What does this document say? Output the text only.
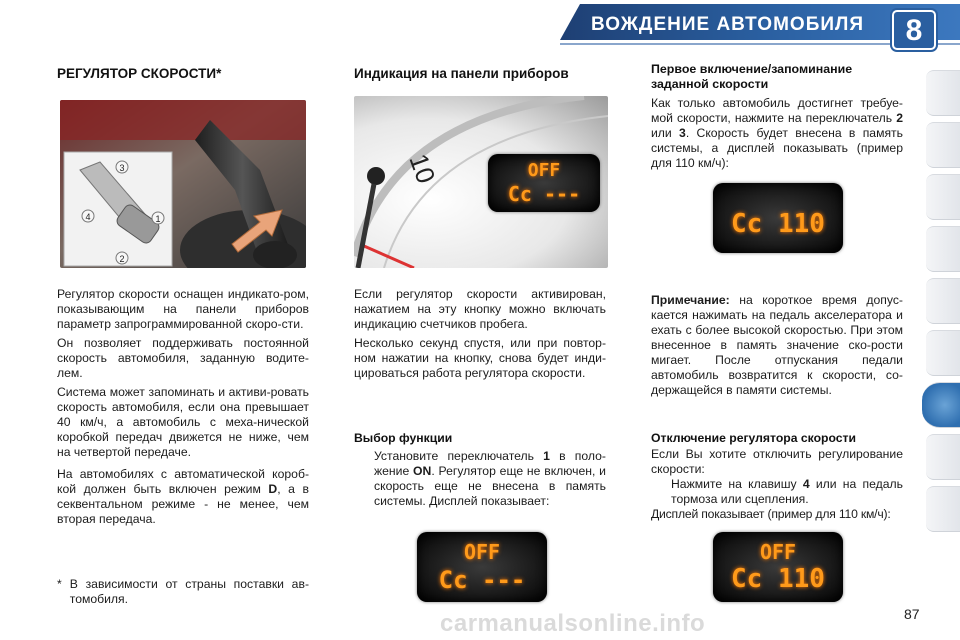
ВОЖДЕНИЕ АВТОМОБИЛЯ	8
РЕГУЛЯТОР СКОРОСТИ*
3
4	1
2

Регулятор скорости оснащен индикато-ром, показывающим на панели приборов параметр запрограммированной скоро-сти.

Он позволяет поддерживать постоянной скорость автомобиля, заданную водите-лем.

Система может запоминать и активи-ровать скорость автомобиля, если она превышает 40 км/ч, а автомобиль с меха-нической коробкой передач движется не ниже, чем на четвертой передаче.

На автомобилях с автоматической короб-кой должен быть включен режим D, а в секвентальном режиме - не менее, чем вторая передача.
* В зависимости от страны поставки ав-томобиля.
Индикация на панели приборов
10	OFF
Cc ---

Если регулятор скорости активирован, нажатием на эту кнопку можно включать индикацию счетчиков пробега.

Несколько секунд спустя, или при повтор-ном нажатии на кнопку, снова будет инди-цироваться работа регулятора скорости.

Выбор функции
Установите переключатель 1 в поло-жение ON. Регулятор еще не включен, и скорость еще не внесена в память системы. Дисплей показывает:
OFF
Cc ---
Первое включение/запоминание заданной скорости
Как только автомобиль достигнет требуе-мой скорости, нажмите на переключатель 2 или 3. Скорость будет внесена в память системы, а дисплей показывать (пример для 110 км/ч):
Cc 110
Примечание: на короткое время допус-кается нажимать на педаль акселератора и ехать с более высокой скоростью. При этом внесенное в память значение ско-рости мигает. После отпускания педали автомобиль возвратится к скорости, со-держащейся в памяти системы.
Отключение регулятора скорости
Если Вы хотите отключить регулирование скорости:
Нажмите на клавишу 4 или на педаль тормоза или сцепления.
Дисплей показывает (пример для 110 км/ч):
OFF
Cc 110
87
carmanualsonline.info
